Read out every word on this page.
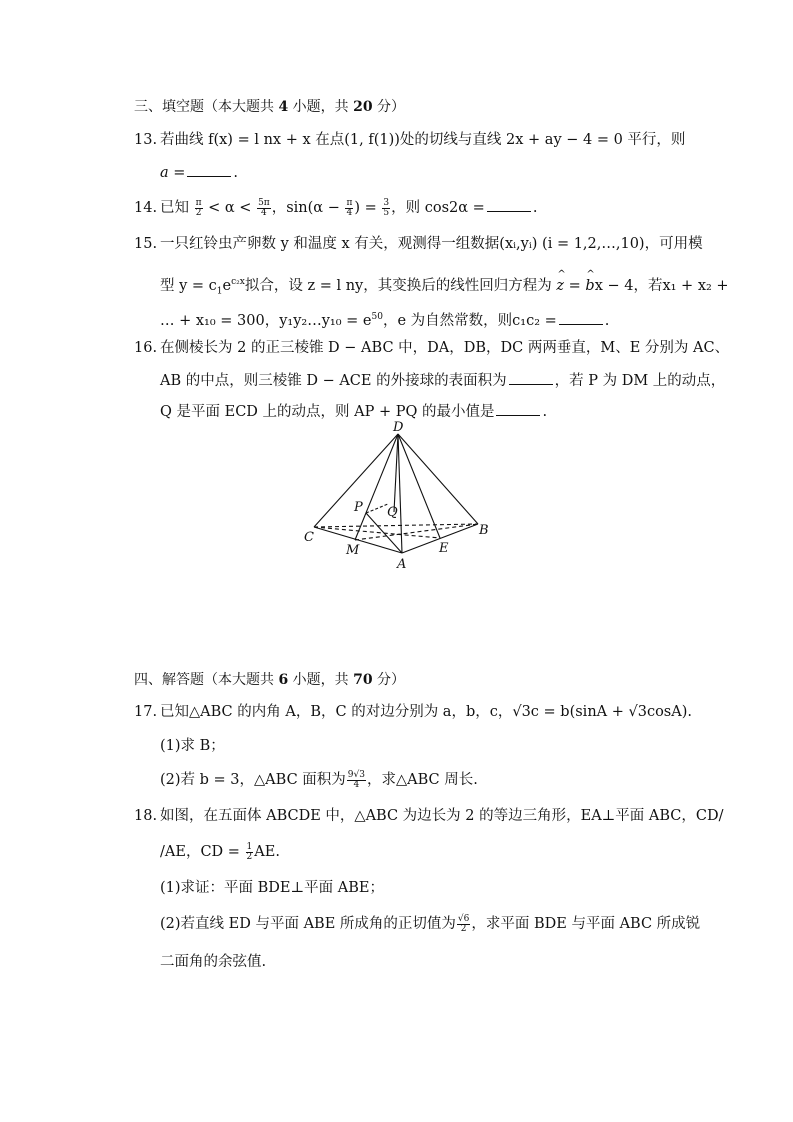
三、填空题（本大题共 4 小题，共 20 分）
13. 若曲线 f(x) = l nx + x 在点(1, f(1))处的切线与直线 2x + ay − 4 = 0 平行，则
a =	.
14. 已知 $\frac{\pi}{2} < \alpha < \frac{5\pi}{4}$ ，$\sin(\alpha - \frac{\pi}{4}$ ) = $\frac{3}{5}$ ，则 cos2α =	.
15. 一只红铃虫产卵数 y 和温度 x 有关，观测得一组数据(xᵢ,yᵢ) (i = 1,2,…,10)，可用模
型 $y = c_1e^{c_2x}$拟合，设 z = l ny，其变换后的线性回归方程为 ^ z = ^ bx − 4，若x₁ + x₂ +
… + x₁₀ = 300，y₁y₂…y₁₀ = $e^{50}$，e 为自然常数，则c₁c₂ =	.
16. 在侧棱长为 2 的正三棱锥 D − ABC 中，DA，DB，DC 两两垂直，M、E 分别为 AC、
AB 的中点，则三棱锥 D − ACE 的外接球的表面积为	，若 P 为 DM 上的动点，
Q 是平面 ECD 上的动点，则 AP + PQ 的最小值是	.
D
P Q
C
M
A
E
B
四、解答题（本大题共 6 小题，共 70 分）
17. 已知△ABC 的内角 A，B，C 的对边分别为 a，b，c，√3c = b(sinA + √3cosA).
(1)求 B；
(2)若 b = 3，△ABC 面积为 $\frac{9√3}{4}$ ，求△ABC 周长.
18. 如图，在五面体 ABCDE 中，△ABC 为边长为 2 的等边三角形，EA⊥平面 ABC，CD/
/AE，CD = $\frac{1}{2}$ AE.
(1)求证：平面 BDE⊥平面 ABE；
(2)若直线 ED 与平面 ABE 所成角的正切值为 $\frac{√6}{2}$ ，求平面 BDE 与平面 ABC 所成锐
二面角的余弦值.
